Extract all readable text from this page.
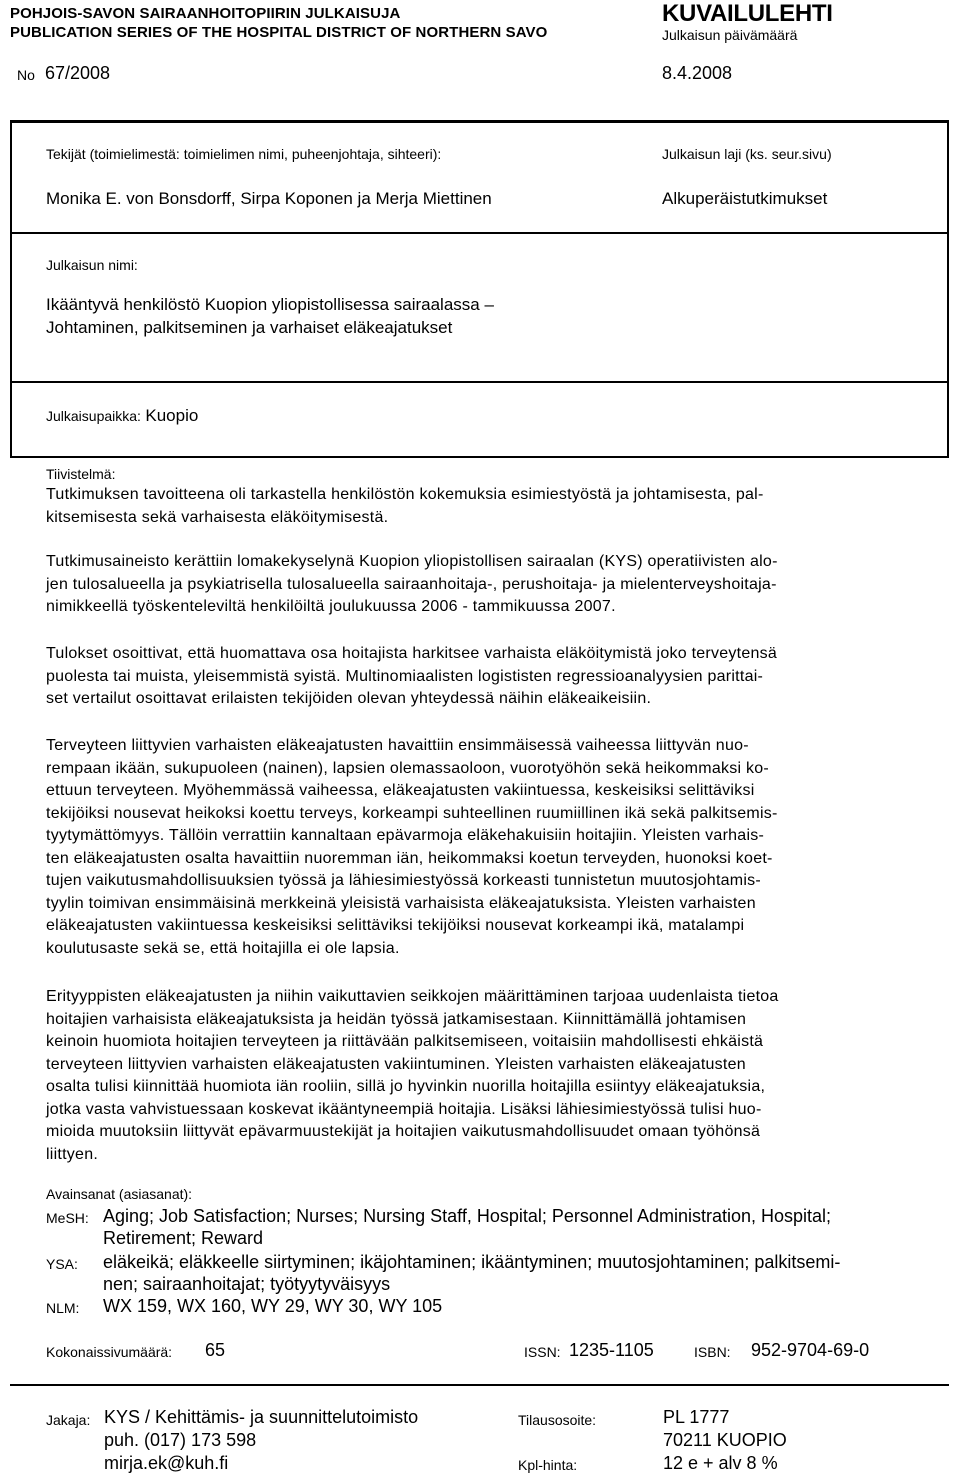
POHJOIS-SAVON SAIRAANHOITOPIIRIN JULKAISUJA
PUBLICATION SERIES OF THE HOSPITAL DISTRICT OF NORTHERN SAVO
KUVAILULEHTI
Julkaisun päivämäärä
No 67/2008	8.4.2008
Tekijät (toimielimestä: toimielimen nimi, puheenjohtaja, sihteeri):
Monika E. von Bonsdorff, Sirpa Koponen ja Merja Miettinen
Julkaisun laji (ks. seur.sivu)
Alkuperäistutkimukset
Julkaisun nimi:
Ikääntyvä henkilöstö Kuopion yliopistollisessa sairaalassa –
Johtaminen, palkitseminen ja varhaiset eläkeajatukset
Julkaisupaikka: Kuopio
Tiivistelmä:
Tutkimuksen tavoitteena oli tarkastella henkilöstön kokemuksia esimiestyöstä ja johtamisesta, pal-
kitsemisesta sekä varhaisesta eläköitymisestä.
Tutkimusaineisto kerättiin lomakekyselynä Kuopion yliopistollisen sairaalan (KYS) operatiivisten alo-
jen tulosalueella ja psykiatrisella tulosalueella sairaanhoitaja-, perushoitaja- ja mielenterveyshoitaja-
nimikkeellä työskenteleviltä henkilöiltä joulukuussa 2006 - tammikuussa 2007.
Tulokset osoittivat, että huomattava osa hoitajista harkitsee varhaista eläköitymistä joko terveytensä
puolesta tai muista, yleisemmistä syistä. Multinomiaalisten logististen regressioanalyysien parittai-
set vertailut osoittavat erilaisten tekijöiden olevan yhteydessä näihin eläkeaikeisiin.
Terveyteen liittyvien varhaisten eläkeajatusten havaittiin ensimmäisessä vaiheessa liittyvän nuo-
rempaan ikään, sukupuoleen (nainen), lapsien olemassaoloon, vuorotyöhön sekä heikommaksi ko-
ettuun terveyteen. Myöhemmässä vaiheessa, eläkeajatusten vakiintuessa, keskeisiksi selittäviksi
tekijöiksi nousevat heikoksi koettu terveys, korkeampi suhteellinen ruumiillinen ikä sekä palkitsemis-
tyytymättömyys. Tällöin verrattiin kannaltaan epävarmoja eläkehakuisiin hoitajiin. Yleisten varhais-
ten eläkeajatusten osalta havaittiin nuoremman iän, heikommaksi koetun terveyden, huonoksi koet-
tujen vaikutusmahdollisuuksien työssä ja lähiesimiestyössä korkeasti tunnistetun muutosjohtamis-
tyylin toimivan ensimmäisinä merkkeinä yleisistä varhaisista eläkeajatuksista. Yleisten varhaisten
eläkeajatusten vakiintuessa keskeisiksi selittäviksi tekijöiksi nousevat korkeampi ikä, matalampi
koulutusaste sekä se, että hoitajilla ei ole lapsia.
Erityyppisten eläkeajatusten ja niihin vaikuttavien seikkojen määrittäminen tarjoaa uudenlaista tietoa
hoitajien varhaisista eläkeajatuksista ja heidän työssä jatkamisestaan. Kiinnittämällä johtamisen
keinoin huomiota hoitajien terveyteen ja riittävään palkitsemiseen, voitaisiin mahdollisesti ehkäistä
terveyteen liittyvien varhaisten eläkeajatusten vakiintuminen. Yleisten varhaisten eläkeajatusten
osalta tulisi kiinnittää huomiota iän rooliin, sillä jo hyvinkin nuorilla hoitajilla esiintyy eläkeajatuksia,
jotka vasta vahvistuessaan koskevat ikääntyneempiä hoitajia. Lisäksi lähiesimiestyössä tulisi huo-
mioida muutoksiin liittyvät epävarmuustekijät ja hoitajien vaikutusmahdollisuudet omaan työhönsä
liittyen.
Avainsanat (asiasanat):
MeSH: Aging; Job Satisfaction; Nurses; Nursing Staff, Hospital; Personnel Administration, Hospital;
Retirement; Reward
YSA: eläkeikä; eläkkeelle siirtyminen; ikäjohtaminen; ikääntyminen; muutosjohtaminen; palkitsemi-
nen; sairaanhoitajat; työtyytyväisyys
NLM: WX 159, WX 160, WY 29, WY 30, WY 105
Kokonaissivumäärä: 65	ISSN: 1235-1105	ISBN: 952-9704-69-0
Jakaja: KYS / Kehittämis- ja suunnittelutoimisto
puh. (017) 173 598
mirja.ek@kuh.fi
Tilausosoite:	PL 1777
70211 KUOPIO
Kpl-hinta:	12 e + alv 8 %
